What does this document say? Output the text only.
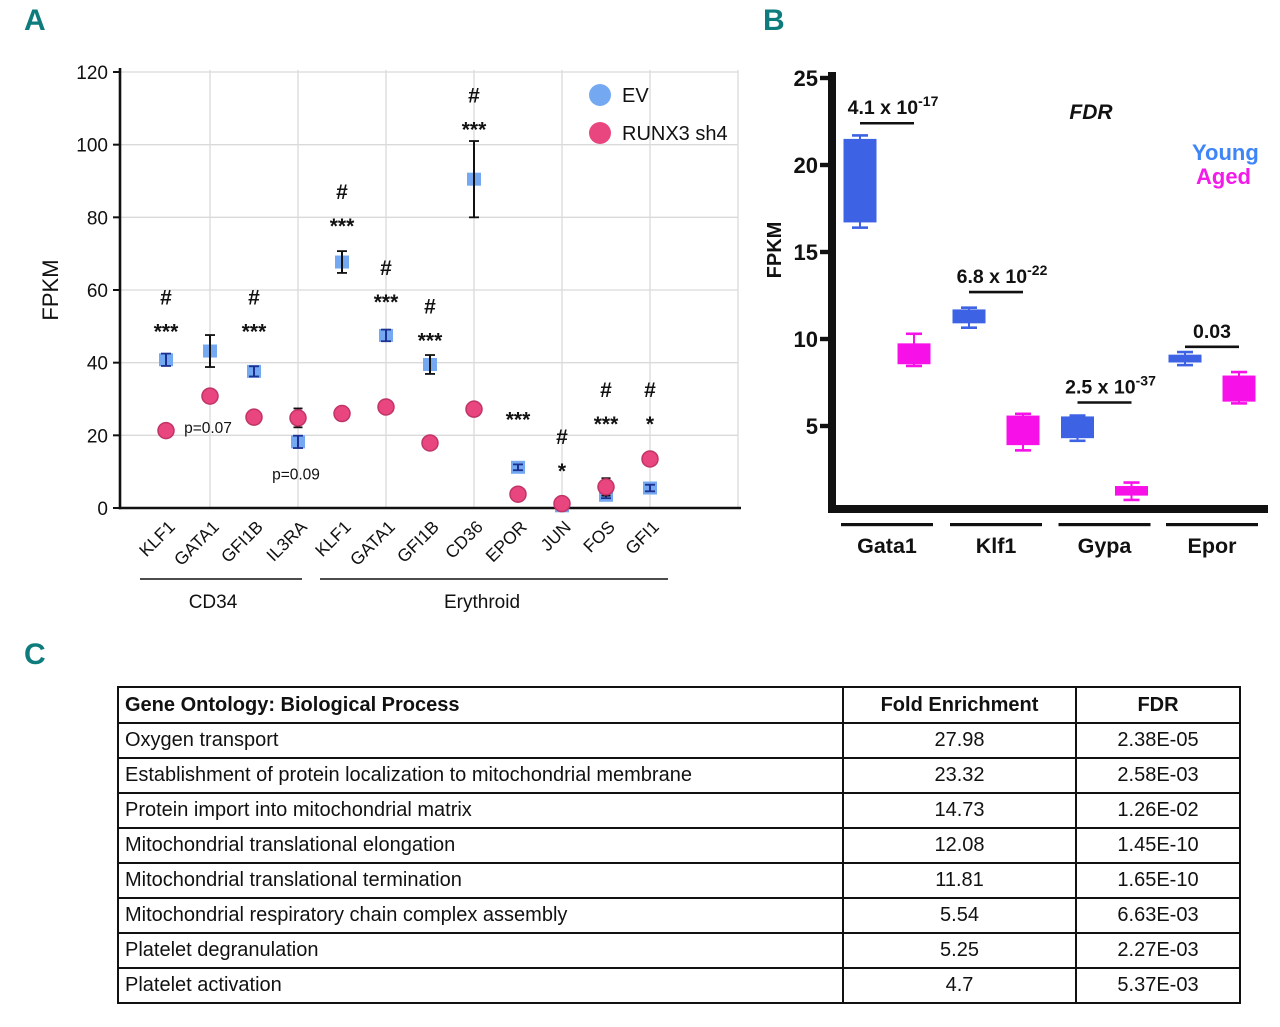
A	B
C
0
20
40
60
80
100
120
FPKM
KLF1
GATA1
GFI1B
IL3RA KLF1
GATA1
GFI1B
CD36
EPOR JUN FOS GFI1
CD34	Erythroid
#
***
p=0.07
#
***
p=0.09
#
***
#
*** #
***
#
***
***
#
*
#
***
#
*
EV
RUNX3 sh4
5
10
15
20
25
FPKM
FDR
Young
Aged
4.1 x $10^{-17}$
Gata1
6.8 x $10^{-22}$
Klf1
2.5 x $10^{-37}$
Gypa
0.03
Epor
Gene Ontology: Biological Process	Fold Enrichment	FDR
Oxygen transport	27.98	2.38E-05
Establishment of protein localization to mitochondrial membrane	23.32	2.58E-03
Protein import into mitochondrial matrix	14.73	1.26E-02
Mitochondrial translational elongation	12.08	1.45E-10
Mitochondrial translational termination	11.81	1.65E-10
Mitochondrial respiratory chain complex assembly	5.54	6.63E-03
Platelet degranulation	5.25	2.27E-03
Platelet activation	4.7	5.37E-03
